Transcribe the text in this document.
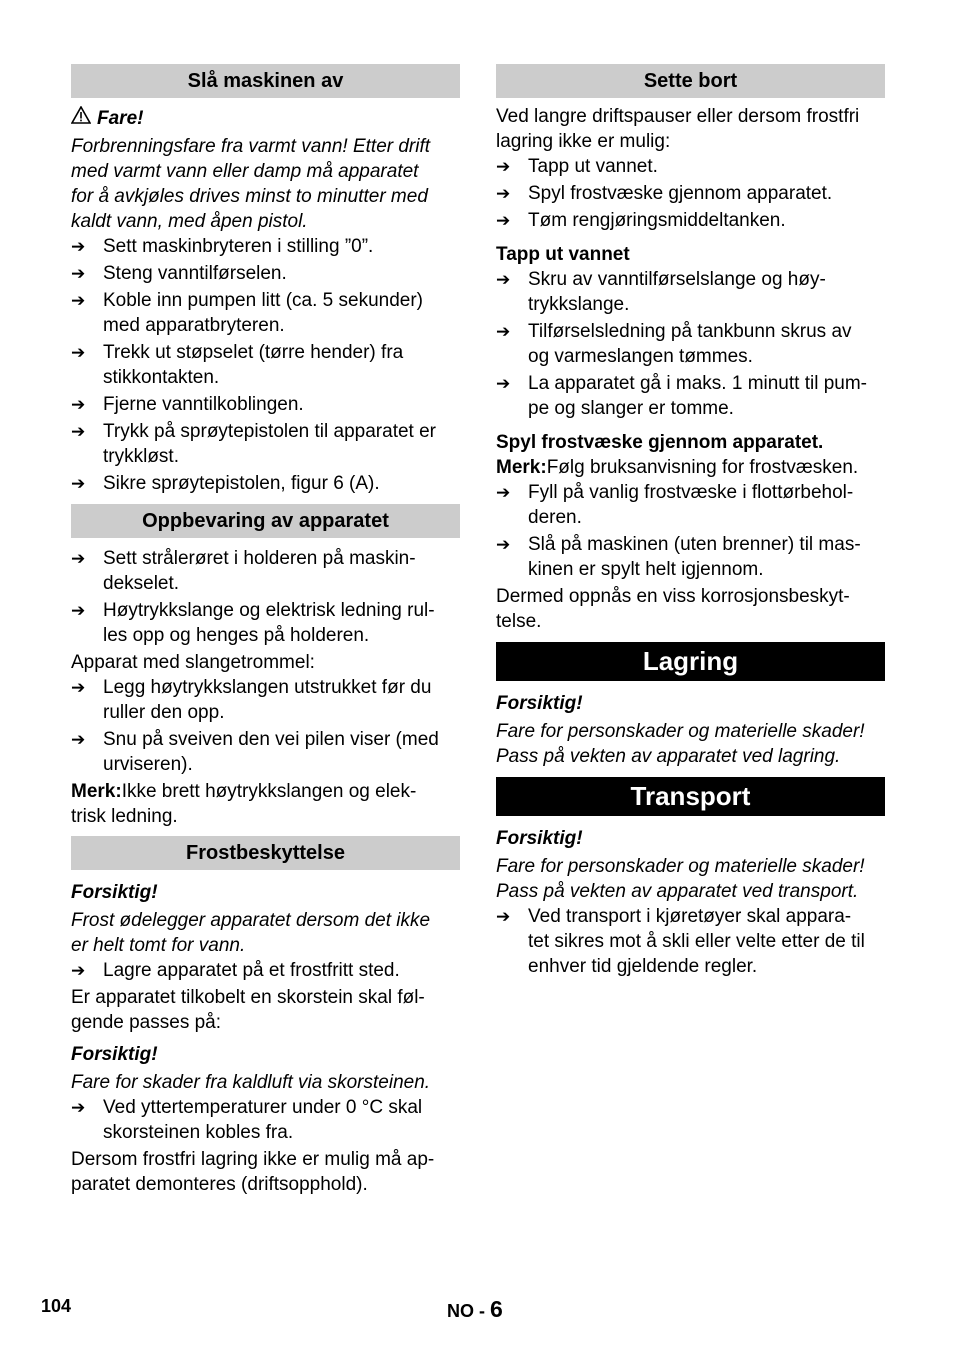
Slå maskinen av
Fare!
Forbrenningsfare fra varmt vann! Etter drift
med varmt vann eller damp må apparatet
for å avkjøles drives minst to minutter med
kaldt vann, med åpen pistol.
➔ Sett maskinbryteren i stilling ”0”.
➔ Steng vanntilførselen.
➔ Koble inn pumpen litt (ca. 5 sekunder)
med apparatbryteren.
➔ Trekk ut støpselet (tørre hender) fra
stikkontakten.
➔ Fjerne vanntilkoblingen.
➔ Trykk på sprøytepistolen til apparatet er
trykkløst.
➔ Sikre sprøytepistolen, figur 6 (A).
Oppbevaring av apparatet
➔ Sett strålerøret i holderen på maskin-
dekselet.
➔ Høytrykkslange og elektrisk ledning rul-
les opp og henges på holderen.
Apparat med slangetrommel:
➔ Legg høytrykkslangen utstrukket før du
ruller den opp.
➔ Snu på sveiven den vei pilen viser (med
urviseren).
Merk:Ikke brett høytrykkslangen og elek-
trisk ledning.
Frostbeskyttelse
Forsiktig!
Frost ødelegger apparatet dersom det ikke
er helt tomt for vann.
➔ Lagre apparatet på et frostfritt sted.
Er apparatet tilkobelt en skorstein skal føl-
gende passes på:
Forsiktig!
Fare for skader fra kaldluft via skorsteinen.
➔ Ved yttertemperaturer under 0 °C skal
skorsteinen kobles fra.
Dersom frostfri lagring ikke er mulig må ap-
paratet demonteres (driftsopphold).
Sette bort
Ved langre driftspauser eller dersom frostfri
lagring ikke er mulig:
➔ Tapp ut vannet.
➔ Spyl frostvæske gjennom apparatet.
➔ Tøm rengjøringsmiddeltanken.
Tapp ut vannet
➔ Skru av vanntilførselslange og høy-
trykkslange.
➔ Tilførselsledning på tankbunn skrus av
og varmeslangen tømmes.
➔ La apparatet gå i maks. 1 minutt til pum-
pe og slanger er tomme.
Spyl frostvæske gjennom apparatet.
Merk:Følg bruksanvisning for frostvæsken.
➔ Fyll på vanlig frostvæske i flottørbehol-
deren.
➔ Slå på maskinen (uten brenner) til mas-
kinen er spylt helt igjennom.
Dermed oppnås en viss korrosjonsbeskyt-
telse.
Lagring
Forsiktig!
Fare for personskader og materielle skader!
Pass på vekten av apparatet ved lagring.
Transport
Forsiktig!
Fare for personskader og materielle skader!
Pass på vekten av apparatet ved transport.
➔ Ved transport i kjøretøyer skal appara-
tet sikres mot å skli eller velte etter de til
enhver tid gjeldende regler.
104	NO - 6
